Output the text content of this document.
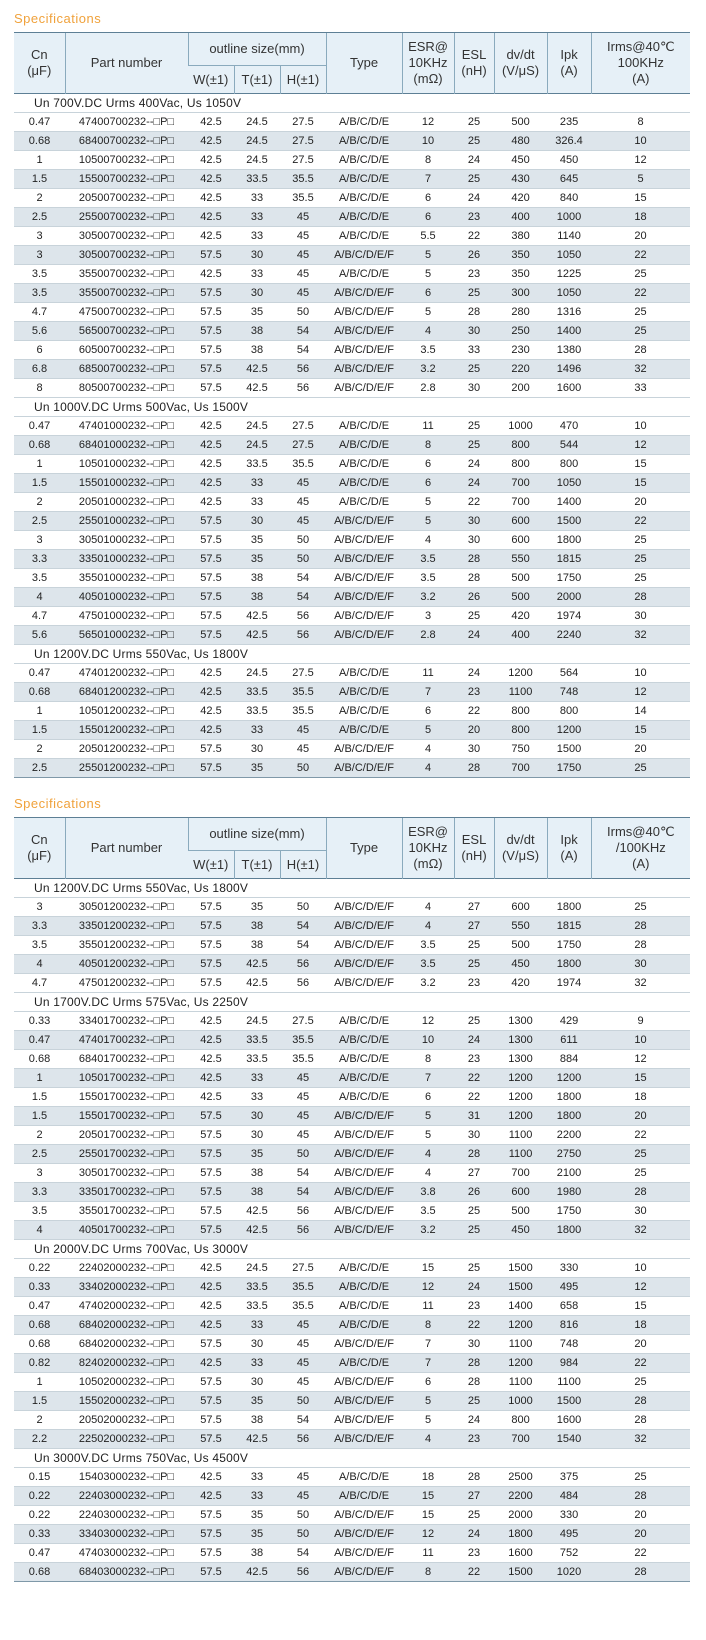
Specifications
Cn
(μF)	Part number	outline size(mm)			Type	ESR@
10KHz
(mΩ)	ESL
(nH)	dv/dt
(V/μS)	Ipk
(A)	Irms@40℃
100KHz
(A)
		W(±1)	T(±1)	H(±1)						
Un 700V.DC Urms 400Vac, Us 1050V										
0.47	47400700232--□P□	42.5	24.5	27.5	A/B/C/D/E	12	25	500	235	8
0.68	68400700232--□P□	42.5	24.5	27.5	A/B/C/D/E	10	25	480	326.4	10
1	10500700232--□P□	42.5	24.5	27.5	A/B/C/D/E	8	24	450	450	12
1.5	15500700232--□P□	42.5	33.5	35.5	A/B/C/D/E	7	25	430	645	5
2	20500700232--□P□	42.5	33	35.5	A/B/C/D/E	6	24	420	840	15
2.5	25500700232--□P□	42.5	33	45	A/B/C/D/E	6	23	400	1000	18
3	30500700232--□P□	42.5	33	45	A/B/C/D/E	5.5	22	380	1140	20
3	30500700232--□P□	57.5	30	45	A/B/C/D/E/F	5	26	350	1050	22
3.5	35500700232--□P□	42.5	33	45	A/B/C/D/E	5	23	350	1225	25
3.5	35500700232--□P□	57.5	30	45	A/B/C/D/E/F	6	25	300	1050	22
4.7	47500700232--□P□	57.5	35	50	A/B/C/D/E/F	5	28	280	1316	25
5.6	56500700232--□P□	57.5	38	54	A/B/C/D/E/F	4	30	250	1400	25
6	60500700232--□P□	57.5	38	54	A/B/C/D/E/F	3.5	33	230	1380	28
6.8	68500700232--□P□	57.5	42.5	56	A/B/C/D/E/F	3.2	25	220	1496	32
8	80500700232--□P□	57.5	42.5	56	A/B/C/D/E/F	2.8	30	200	1600	33
Un 1000V.DC Urms 500Vac, Us 1500V										
0.47	47401000232--□P□	42.5	24.5	27.5	A/B/C/D/E	11	25	1000	470	10
0.68	68401000232--□P□	42.5	24.5	27.5	A/B/C/D/E	8	25	800	544	12
1	10501000232--□P□	42.5	33.5	35.5	A/B/C/D/E	6	24	800	800	15
1.5	15501000232--□P□	42.5	33	45	A/B/C/D/E	6	24	700	1050	15
2	20501000232--□P□	42.5	33	45	A/B/C/D/E	5	22	700	1400	20
2.5	25501000232--□P□	57.5	30	45	A/B/C/D/E/F	5	30	600	1500	22
3	30501000232--□P□	57.5	35	50	A/B/C/D/E/F	4	30	600	1800	25
3.3	33501000232--□P□	57.5	35	50	A/B/C/D/E/F	3.5	28	550	1815	25
3.5	35501000232--□P□	57.5	38	54	A/B/C/D/E/F	3.5	28	500	1750	25
4	40501000232--□P□	57.5	38	54	A/B/C/D/E/F	3.2	26	500	2000	28
4.7	47501000232--□P□	57.5	42.5	56	A/B/C/D/E/F	3	25	420	1974	30
5.6	56501000232--□P□	57.5	42.5	56	A/B/C/D/E/F	2.8	24	400	2240	32
Un 1200V.DC Urms 550Vac, Us 1800V										
0.47	47401200232--□P□	42.5	24.5	27.5	A/B/C/D/E	11	24	1200	564	10
0.68	68401200232--□P□	42.5	33.5	35.5	A/B/C/D/E	7	23	1100	748	12
1	10501200232--□P□	42.5	33.5	35.5	A/B/C/D/E	6	22	800	800	14
1.5	15501200232--□P□	42.5	33	45	A/B/C/D/E	5	20	800	1200	15
2	20501200232--□P□	57.5	30	45	A/B/C/D/E/F	4	30	750	1500	20
2.5	25501200232--□P□	57.5	35	50	A/B/C/D/E/F	4	28	700	1750	25
Specifications
Cn
(μF)	Part number	outline size(mm)			Type	ESR@
10KHz
(mΩ)	ESL
(nH)	dv/dt
(V/μS)	Ipk
(A)	Irms@40℃
/100KHz
(A)
		W(±1)	T(±1)	H(±1)						
Un 1200V.DC Urms 550Vac, Us 1800V										
3	30501200232--□P□	57.5	35	50	A/B/C/D/E/F	4	27	600	1800	25
3.3	33501200232--□P□	57.5	38	54	A/B/C/D/E/F	4	27	550	1815	28
3.5	35501200232--□P□	57.5	38	54	A/B/C/D/E/F	3.5	25	500	1750	28
4	40501200232--□P□	57.5	42.5	56	A/B/C/D/E/F	3.5	25	450	1800	30
4.7	47501200232--□P□	57.5	42.5	56	A/B/C/D/E/F	3.2	23	420	1974	32
Un 1700V.DC Urms 575Vac, Us 2250V										
0.33	33401700232--□P□	42.5	24.5	27.5	A/B/C/D/E	12	25	1300	429	9
0.47	47401700232--□P□	42.5	33.5	35.5	A/B/C/D/E	10	24	1300	611	10
0.68	68401700232--□P□	42.5	33.5	35.5	A/B/C/D/E	8	23	1300	884	12
1	10501700232--□P□	42.5	33	45	A/B/C/D/E	7	22	1200	1200	15
1.5	15501700232--□P□	42.5	33	45	A/B/C/D/E	6	22	1200	1800	18
1.5	15501700232--□P□	57.5	30	45	A/B/C/D/E/F	5	31	1200	1800	20
2	20501700232--□P□	57.5	30	45	A/B/C/D/E/F	5	30	1100	2200	22
2.5	25501700232--□P□	57.5	35	50	A/B/C/D/E/F	4	28	1100	2750	25
3	30501700232--□P□	57.5	38	54	A/B/C/D/E/F	4	27	700	2100	25
3.3	33501700232--□P□	57.5	38	54	A/B/C/D/E/F	3.8	26	600	1980	28
3.5	35501700232--□P□	57.5	42.5	56	A/B/C/D/E/F	3.5	25	500	1750	30
4	40501700232--□P□	57.5	42.5	56	A/B/C/D/E/F	3.2	25	450	1800	32
Un 2000V.DC Urms 700Vac, Us 3000V										
0.22	22402000232--□P□	42.5	24.5	27.5	A/B/C/D/E	15	25	1500	330	10
0.33	33402000232--□P□	42.5	33.5	35.5	A/B/C/D/E	12	24	1500	495	12
0.47	47402000232--□P□	42.5	33.5	35.5	A/B/C/D/E	11	23	1400	658	15
0.68	68402000232--□P□	42.5	33	45	A/B/C/D/E	8	22	1200	816	18
0.68	68402000232--□P□	57.5	30	45	A/B/C/D/E/F	7	30	1100	748	20
0.82	82402000232--□P□	42.5	33	45	A/B/C/D/E	7	28	1200	984	22
1	10502000232--□P□	57.5	30	45	A/B/C/D/E/F	6	28	1100	1100	25
1.5	15502000232--□P□	57.5	35	50	A/B/C/D/E/F	5	25	1000	1500	28
2	20502000232--□P□	57.5	38	54	A/B/C/D/E/F	5	24	800	1600	28
2.2	22502000232--□P□	57.5	42.5	56	A/B/C/D/E/F	4	23	700	1540	32
Un 3000V.DC Urms 750Vac, Us 4500V										
0.15	15403000232--□P□	42.5	33	45	A/B/C/D/E	18	28	2500	375	25
0.22	22403000232--□P□	42.5	33	45	A/B/C/D/E	15	27	2200	484	28
0.22	22403000232--□P□	57.5	35	50	A/B/C/D/E/F	15	25	2000	330	20
0.33	33403000232--□P□	57.5	35	50	A/B/C/D/E/F	12	24	1800	495	20
0.47	47403000232--□P□	57.5	38	54	A/B/C/D/E/F	11	23	1600	752	22
0.68	68403000232--□P□	57.5	42.5	56	A/B/C/D/E/F	8	22	1500	1020	28
